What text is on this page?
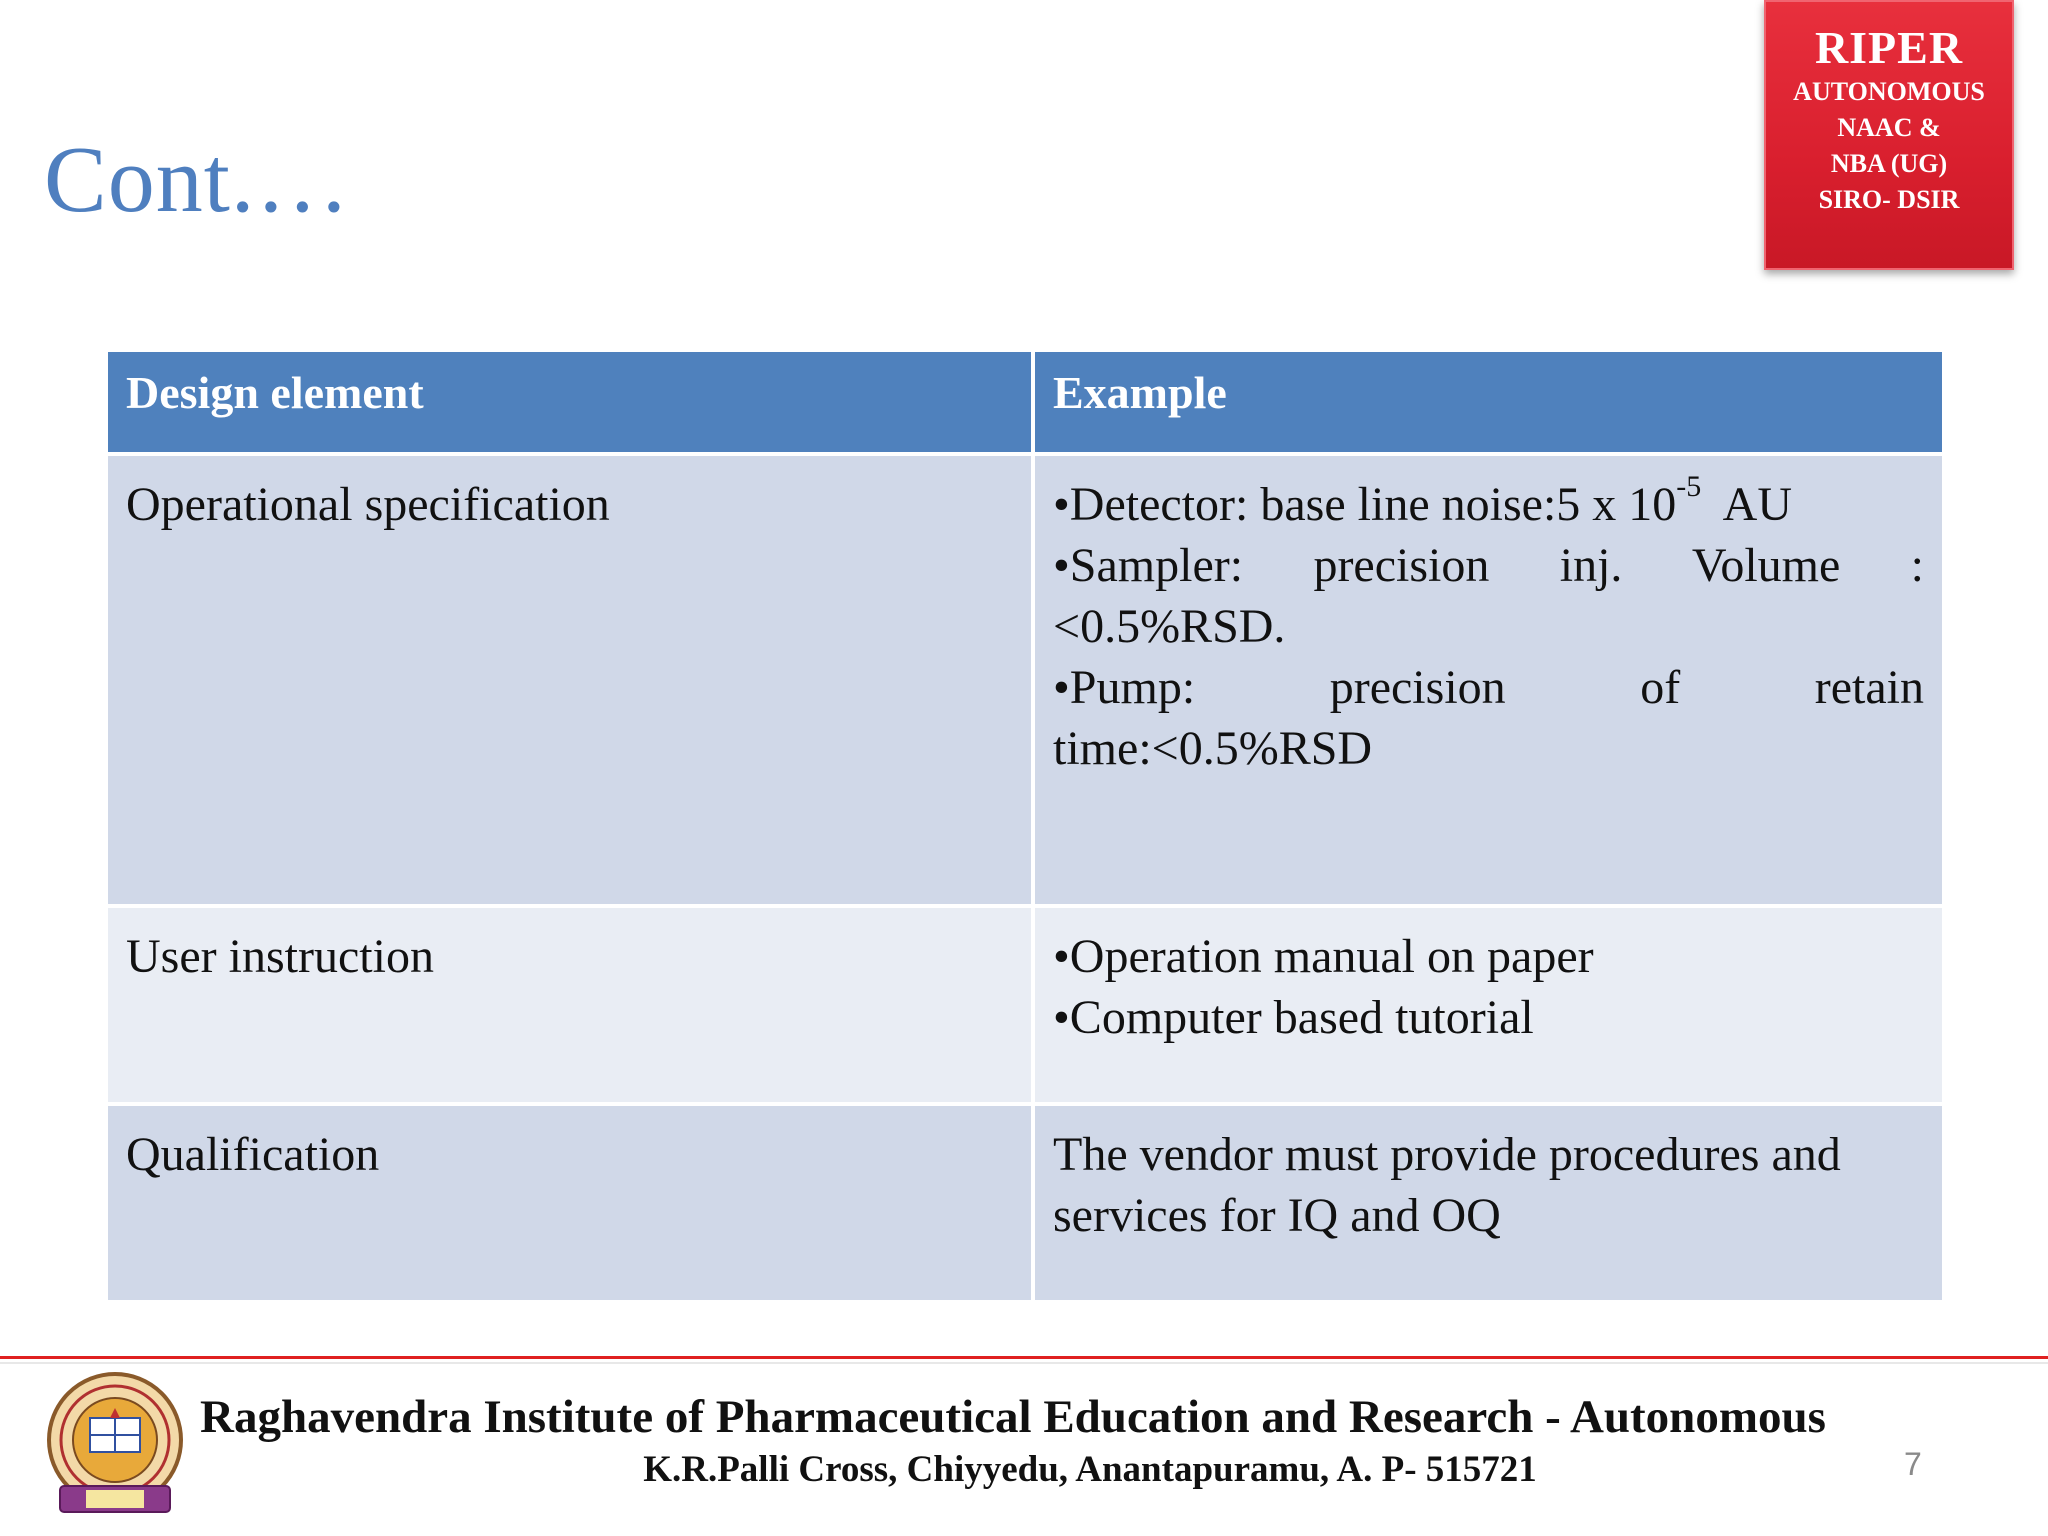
Cont.…
RIPER
AUTONOMOUS
NAAC &
NBA (UG)
SIRO- DSIR
Design element	Example
Operational specification	•Detector: base line noise:5 x $10^{-5}$  AU
•Sampler: precision inj. Volume :
<0.5%RSD.
•Pump: precision of retain
time:<0.5%RSD

User instruction	•Operation manual on paper
•Computer based tutorial

Qualification	The vendor must provide procedures and services for IQ and OQ
Raghavendra Institute of Pharmaceutical Education and Research - Autonomous
K.R.Palli Cross, Chiyyedu, Anantapuramu, A. P- 515721	7
